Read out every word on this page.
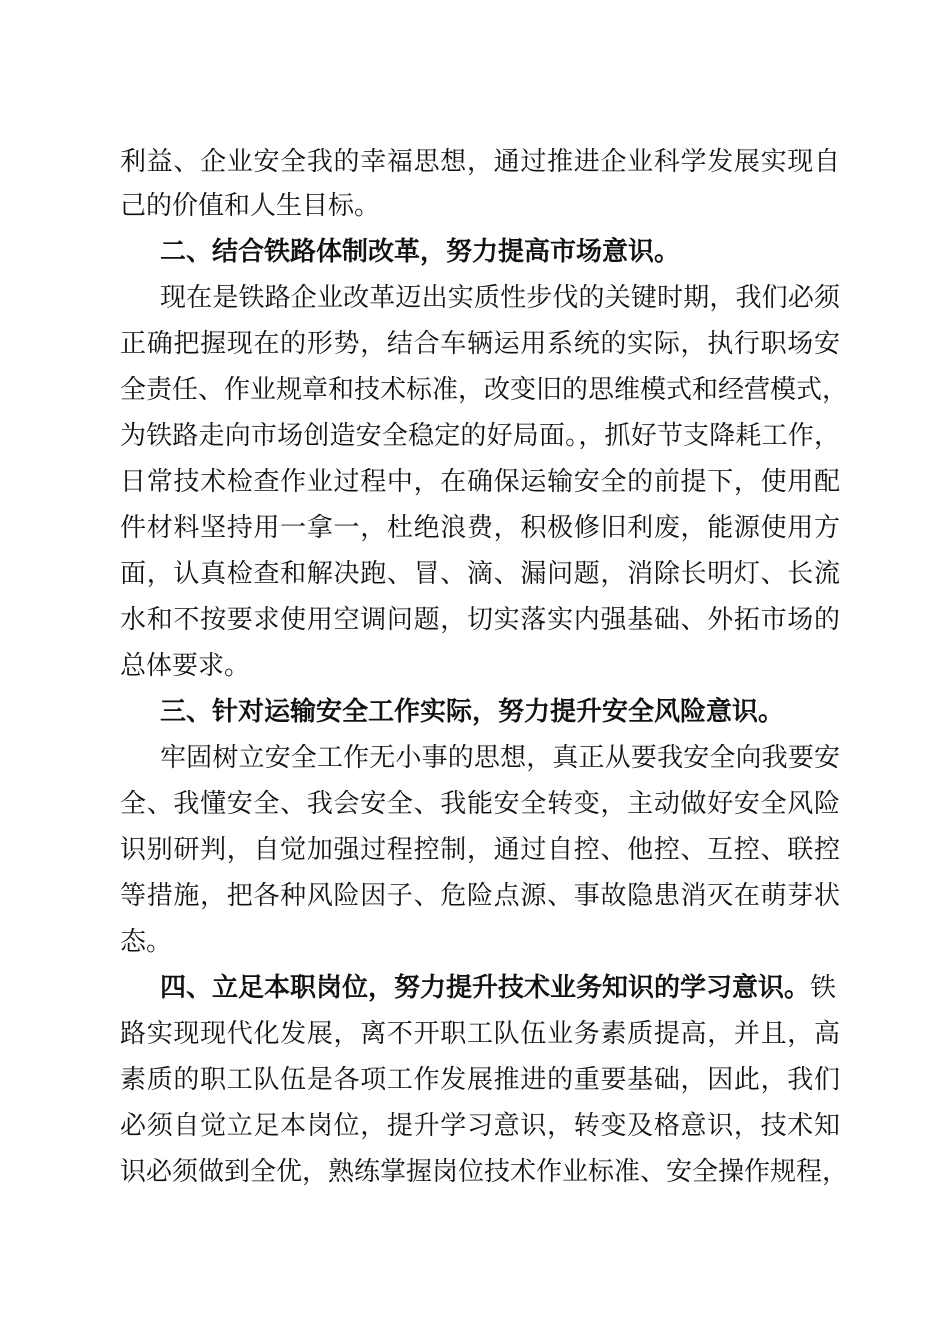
利益、企业安全我的幸福思想，通过推进企业科学发展实现自
己的价值和人生目标。
二、结合铁路体制改革，努力提高市场意识。
现在是铁路企业改革迈出实质性步伐的关键时期，我们必须
正确把握现在的形势，结合车辆运用系统的实际，执行职场安
全责任、作业规章和技术标准，改变旧的思维模式和经营模式，
为铁路走向市场创造安全稳定的好局面。，抓好节支降耗工作，
日常技术检查作业过程中，在确保运输安全的前提下，使用配
件材料坚持用一拿一，杜绝浪费，积极修旧利废，能源使用方
面，认真检查和解决跑、冒、滴、漏问题，消除长明灯、长流
水和不按要求使用空调问题，切实落实内强基础、外拓市场的
总体要求。
三、针对运输安全工作实际，努力提升安全风险意识。
牢固树立安全工作无小事的思想，真正从要我安全向我要安
全、我懂安全、我会安全、我能安全转变，主动做好安全风险
识别研判，自觉加强过程控制，通过自控、他控、互控、联控
等措施，把各种风险因子、危险点源、事故隐患消灭在萌芽状
态。
四、立足本职岗位，努力提升技术业务知识的学习意识。铁
路实现现代化发展，离不开职工队伍业务素质提高，并且，高
素质的职工队伍是各项工作发展推进的重要基础，因此，我们
必须自觉立足本岗位，提升学习意识，转变及格意识，技术知
识必须做到全优，熟练掌握岗位技术作业标准、安全操作规程，
